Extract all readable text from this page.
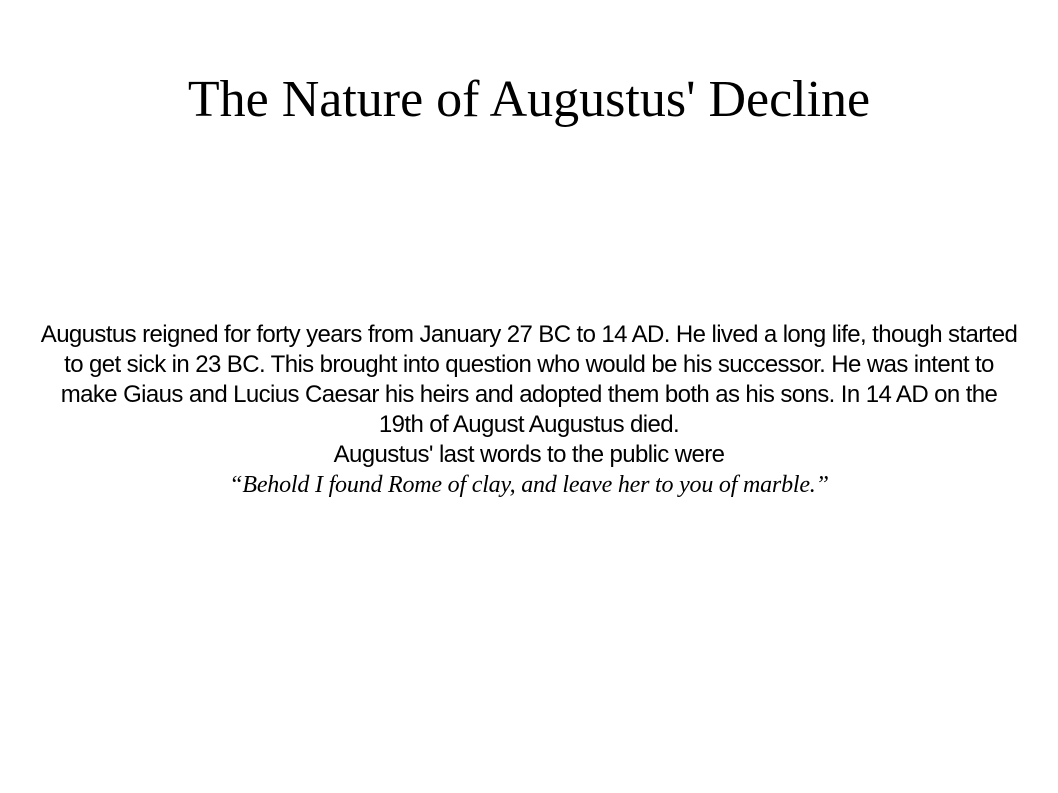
The Nature of Augustus' Decline

Augustus reigned for forty years from January 27 BC to 14 AD. He lived a long life, though started to get sick in 23 BC. This brought into question who would be his successor. He was intent to make Giaus and Lucius Caesar his heirs and adopted them both as his sons. In 14 AD on the 19th of August Augustus died.

Augustus' last words to the public were

“Behold I found Rome of clay, and leave her to you of marble.”
